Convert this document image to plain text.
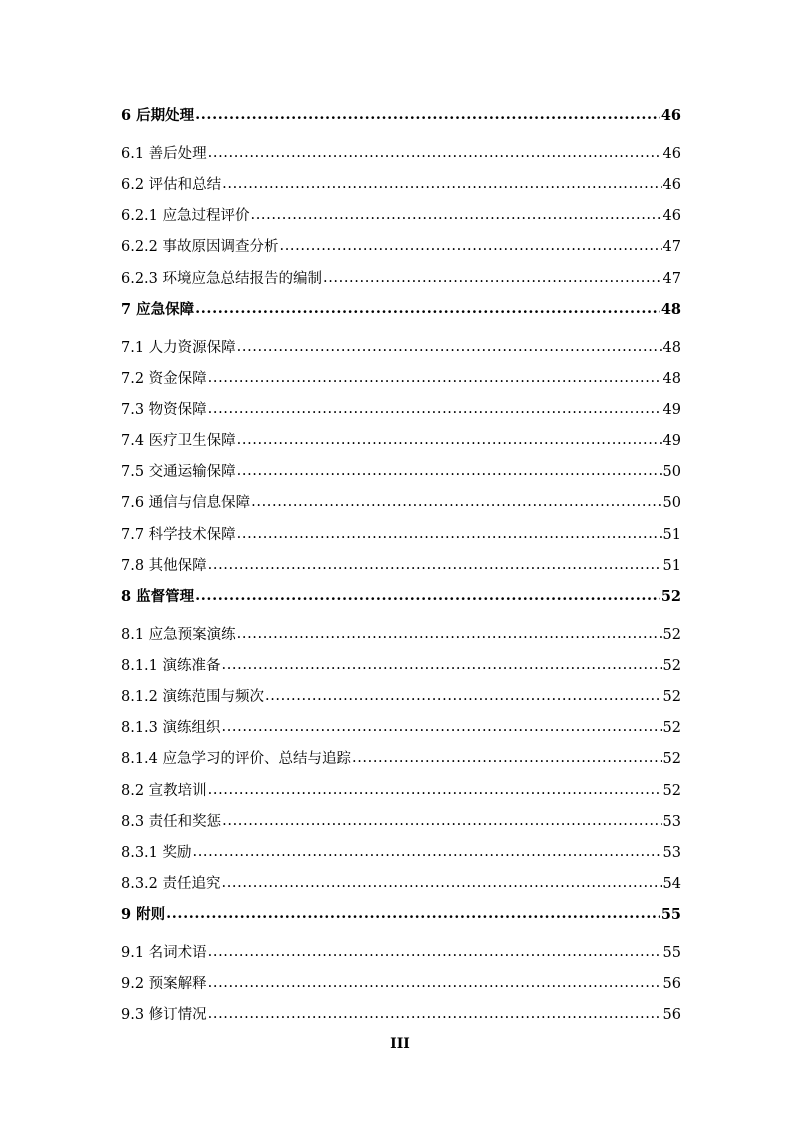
6 后期处理 .....	46
6.1 善后处理 .....	46
6.2 评估和总结 .....	46
6.2.1 应急过程评价 .....	46
6.2.2 事故原因调查分析 .....	47
6.2.3 环境应急总结报告的编制 .....	47
7 应急保障 .....	48
7.1 人力资源保障 .....	48
7.2 资金保障 .....	48
7.3 物资保障 .....	49
7.4 医疗卫生保障 .....	49
7.5 交通运输保障 .....	50
7.6 通信与信息保障 .....	50
7.7 科学技术保障 .....	51
7.8 其他保障 .....	51
8 监督管理 .....	52
8.1 应急预案演练 .....	52
8.1.1 演练准备 .....	52
8.1.2 演练范围与频次 .....	52
8.1.3 演练组织 .....	52
8.1.4 应急学习的评价、总结与追踪 .....	52
8.2 宣教培训 .....	52
8.3 责任和奖惩 .....	53
8.3.1 奖励 .....	53
8.3.2 责任追究 .....	54
9 附则 .....	55
9.1 名词术语 .....	55
9.2 预案解释 .....	56
9.3 修订情况 .....	56
III
